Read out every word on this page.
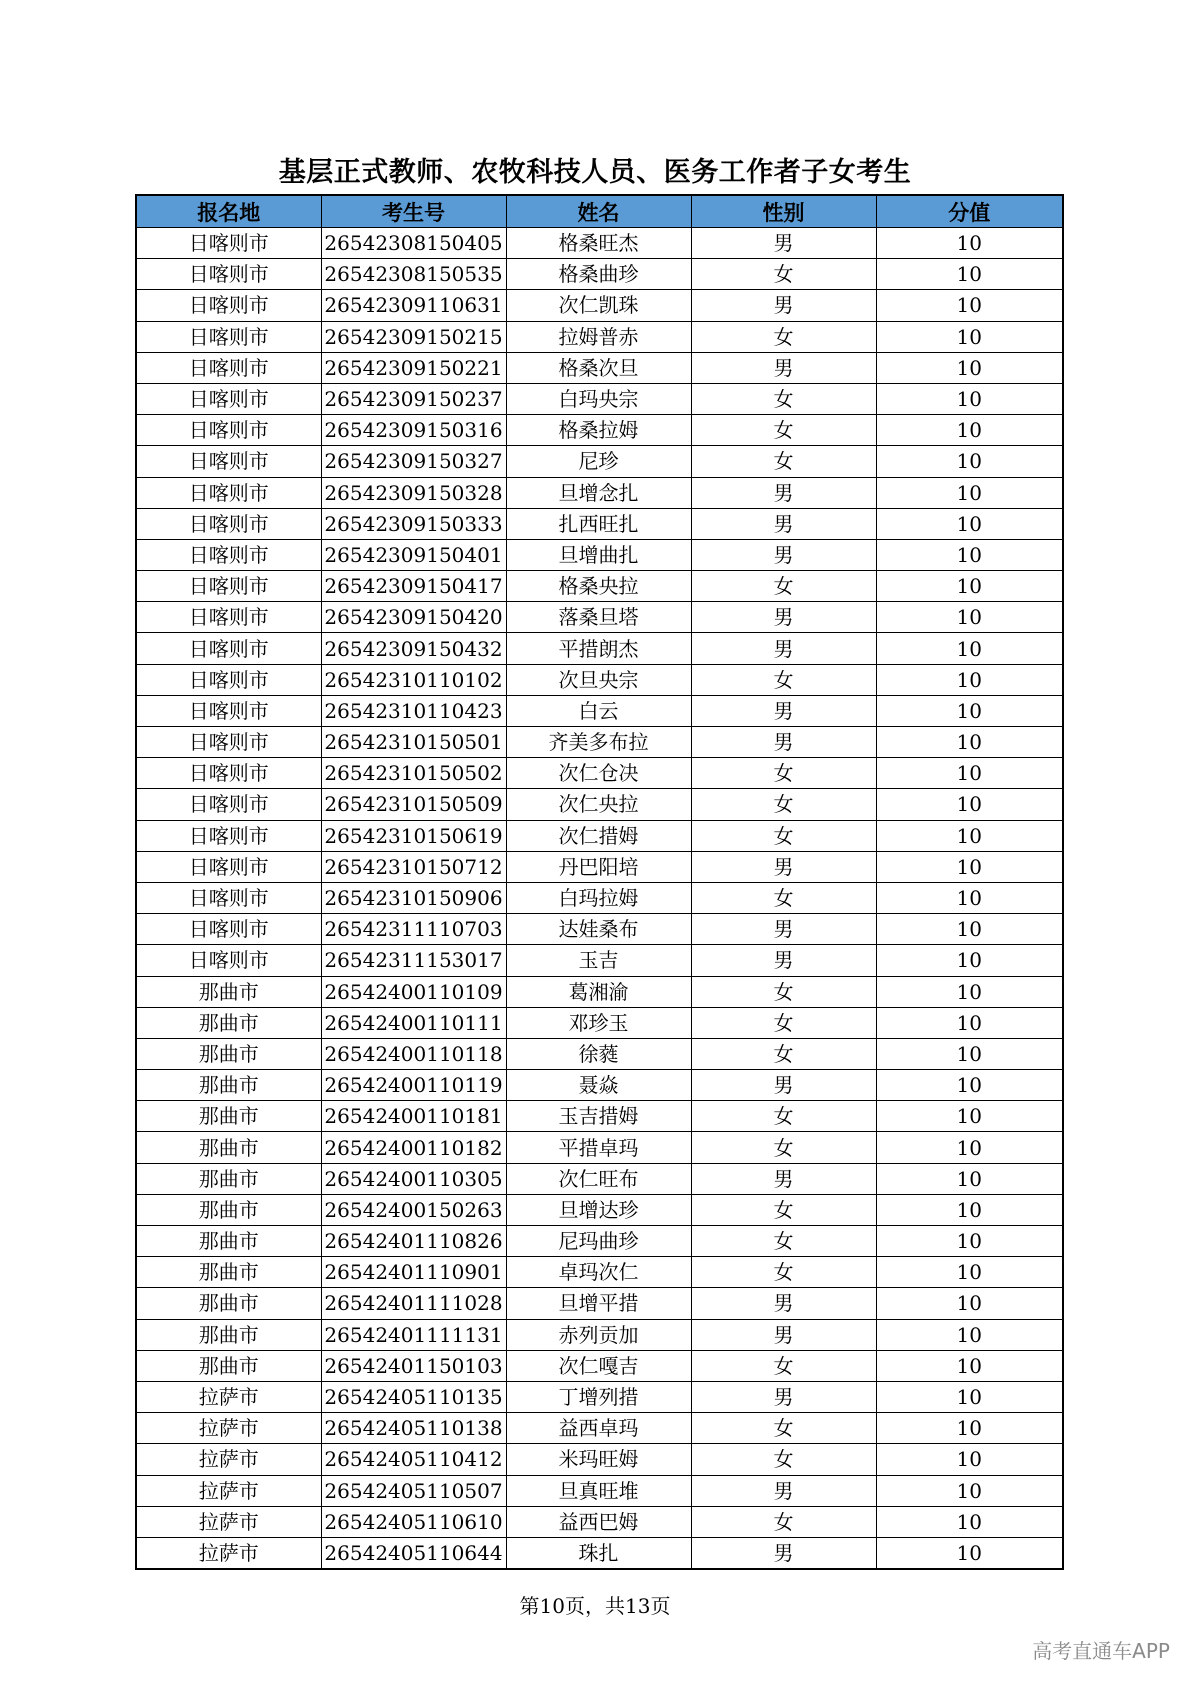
基层正式教师、农牧科技人员、医务工作者子女考生
报名地	考生号	姓名	性别	分值
日喀则市	26542308150405	格桑旺杰	男	10
日喀则市	26542308150535	格桑曲珍	女	10
日喀则市	26542309110631	次仁凯珠	男	10
日喀则市	26542309150215	拉姆普赤	女	10
日喀则市	26542309150221	格桑次旦	男	10
日喀则市	26542309150237	白玛央宗	女	10
日喀则市	26542309150316	格桑拉姆	女	10
日喀则市	26542309150327	尼珍	女	10
日喀则市	26542309150328	旦增念扎	男	10
日喀则市	26542309150333	扎西旺扎	男	10
日喀则市	26542309150401	旦增曲扎	男	10
日喀则市	26542309150417	格桑央拉	女	10
日喀则市	26542309150420	落桑旦塔	男	10
日喀则市	26542309150432	平措朗杰	男	10
日喀则市	26542310110102	次旦央宗	女	10
日喀则市	26542310110423	白云	男	10
日喀则市	26542310150501	齐美多布拉	男	10
日喀则市	26542310150502	次仁仓决	女	10
日喀则市	26542310150509	次仁央拉	女	10
日喀则市	26542310150619	次仁措姆	女	10
日喀则市	26542310150712	丹巴阳培	男	10
日喀则市	26542310150906	白玛拉姆	女	10
日喀则市	26542311110703	达娃桑布	男	10
日喀则市	26542311153017	玉吉	男	10
那曲市	26542400110109	葛湘渝	女	10
那曲市	26542400110111	邓珍玉	女	10
那曲市	26542400110118	徐蕤	女	10
那曲市	26542400110119	聂焱	男	10
那曲市	26542400110181	玉吉措姆	女	10
那曲市	26542400110182	平措卓玛	女	10
那曲市	26542400110305	次仁旺布	男	10
那曲市	26542400150263	旦增达珍	女	10
那曲市	26542401110826	尼玛曲珍	女	10
那曲市	26542401110901	卓玛次仁	女	10
那曲市	26542401111028	旦增平措	男	10
那曲市	26542401111131	赤列贡加	男	10
那曲市	26542401150103	次仁嘎吉	女	10
拉萨市	26542405110135	丁增列措	男	10
拉萨市	26542405110138	益西卓玛	女	10
拉萨市	26542405110412	米玛旺姆	女	10
拉萨市	26542405110507	旦真旺堆	男	10
拉萨市	26542405110610	益西巴姆	女	10
拉萨市	26542405110644	珠扎	男	10
第10页，共13页
高考直通车APP
